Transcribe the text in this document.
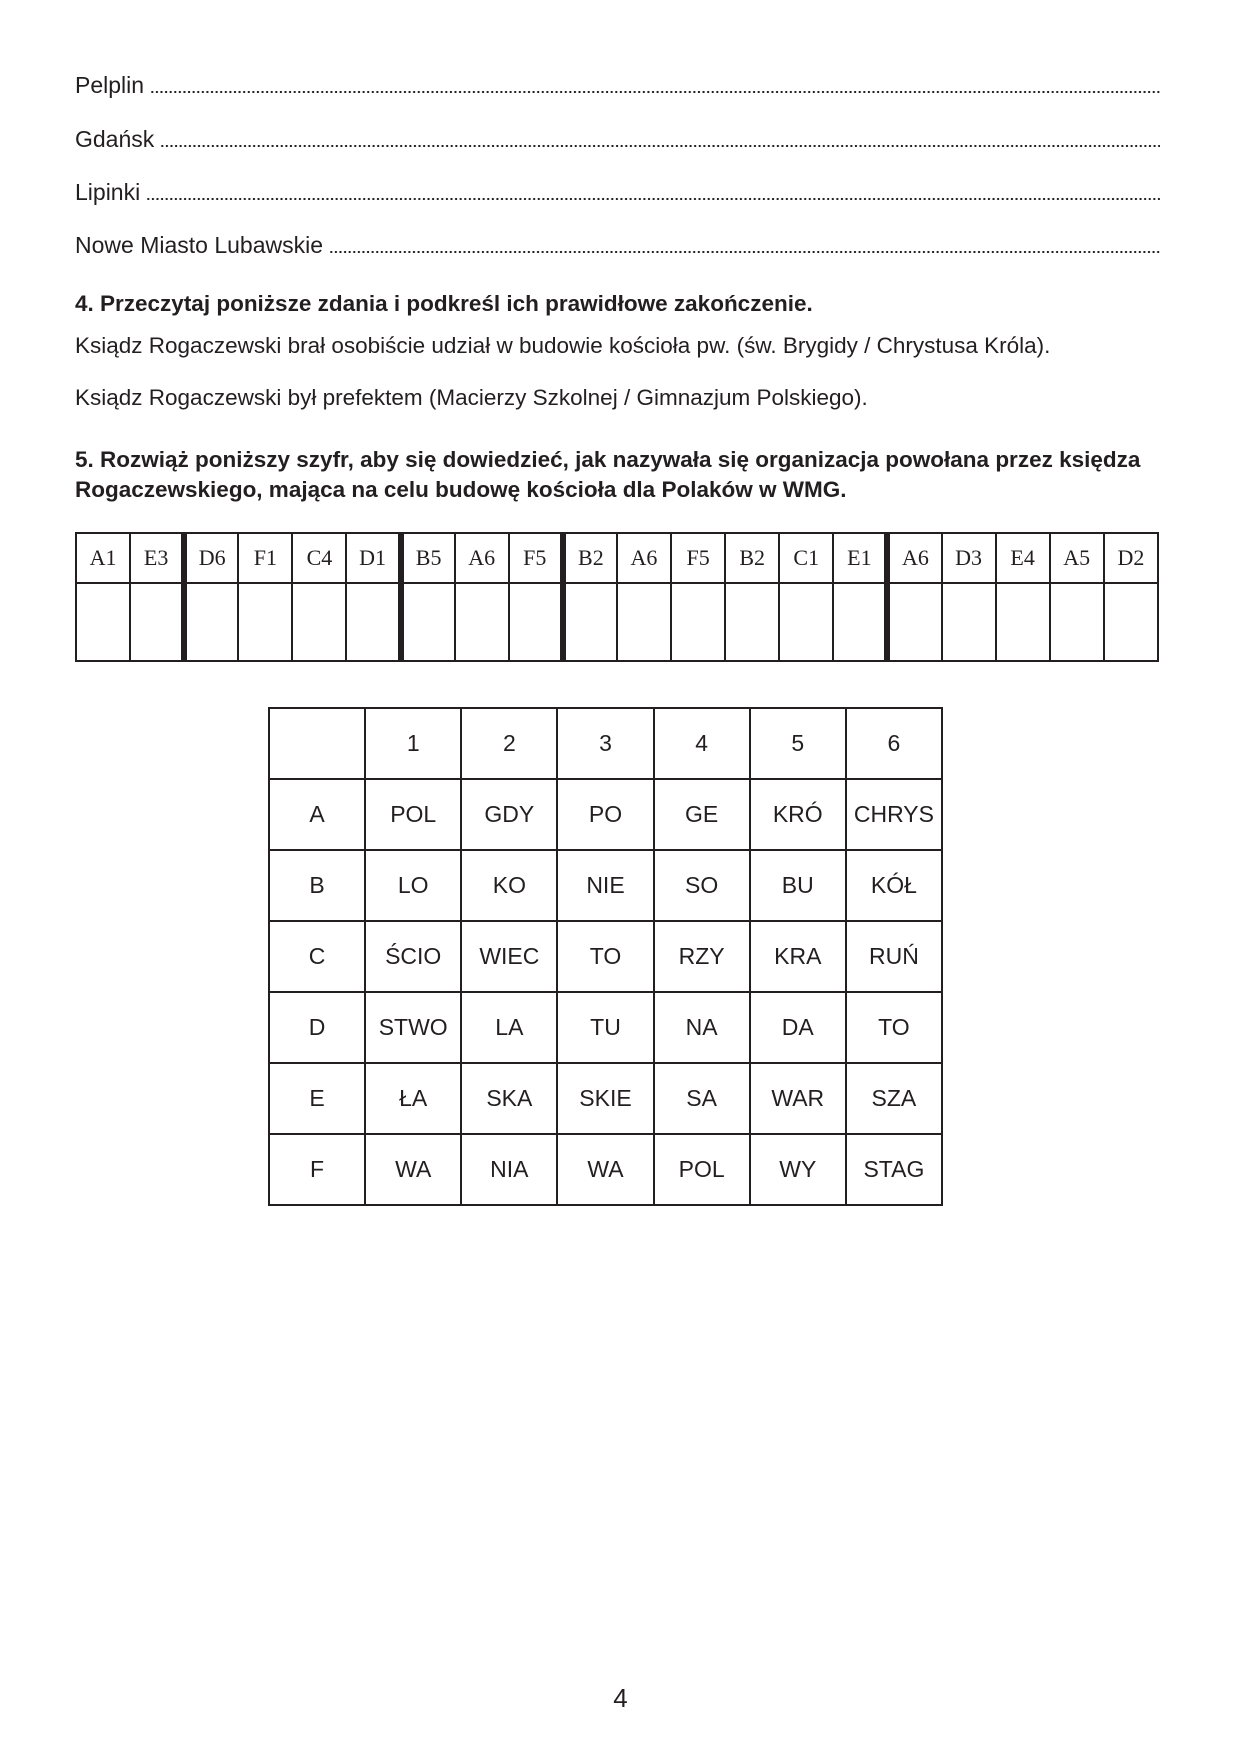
Pelplin
Gdańsk
Lipinki
Nowe Miasto Lubawskie
4. Przeczytaj poniższe zdania i podkreśl ich prawidłowe zakończenie.
Ksiądz Rogaczewski brał osobiście udział w budowie kościoła pw. (św. Brygidy / Chrystusa Króla).
Ksiądz Rogaczewski był prefektem (Macierzy Szkolnej / Gimnazjum Polskiego).
5. Rozwiąż poniższy szyfr, aby się dowiedzieć, jak nazywała się organizacja powołana przez księdza
Rogaczewskiego, mająca na celu budowę kościoła dla Polaków w WMG.
A1	E3	D6	F1	C4	D1	B5	A6	F5	B2	A6	F5	B2	C1	E1	A6	D3	E4	A5	D2

	1	2	3	4	5	6
A	POL	GDY	PO	GE	KRÓ	CHRYS
B	LO	KO	NIE	SO	BU	KÓŁ
C	ŚCIO	WIEC	TO	RZY	KRA	RUŃ
D	STWO	LA	TU	NA	DA	TO
E	ŁA	SKA	SKIE	SA	WAR	SZA
F	WA	NIA	WA	POL	WY	STAG
4
